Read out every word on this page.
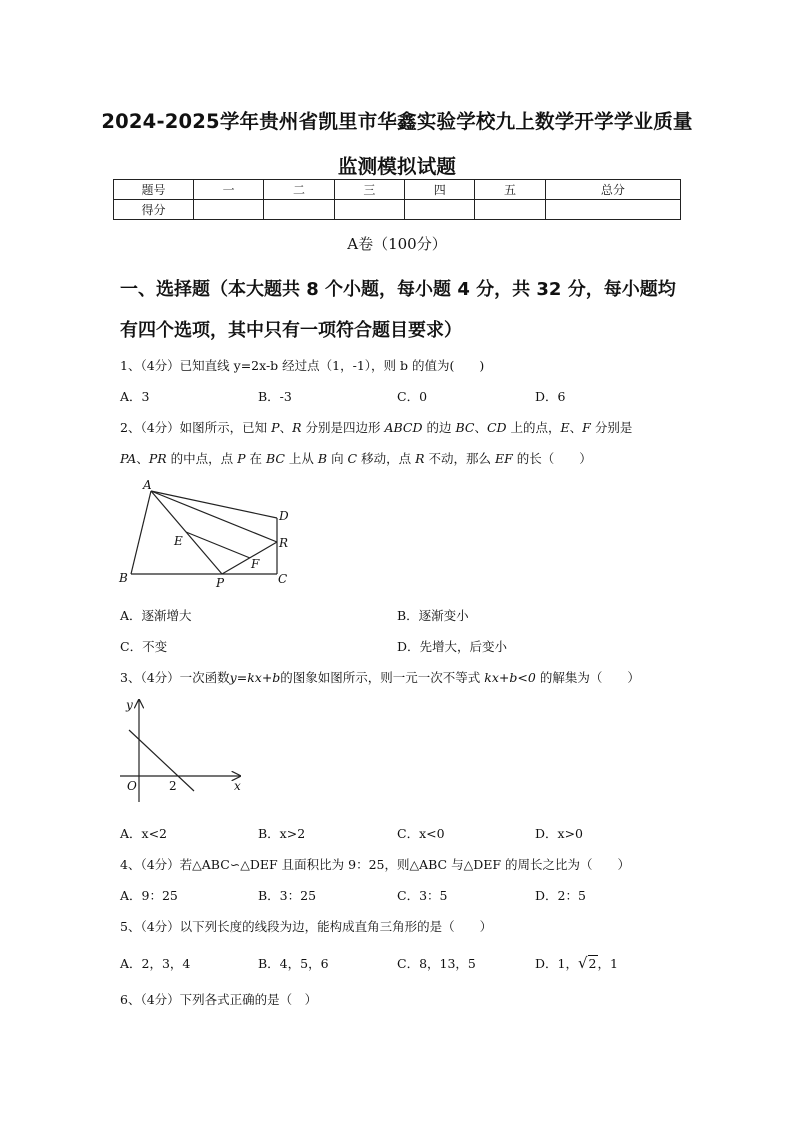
2024-2025学年贵州省凯里市华鑫实验学校九上数学开学学业质量
监测模拟试题
题号	一	二	三	四	五	总分
得分						
A卷（100分）
一、选择题（本大题共 8 个小题，每小题 4 分，共 32 分，每小题均
有四个选项，其中只有一项符合题目要求）
1、（4分）已知直线 y=2x-b 经过点（1，-1），则 b 的值为(　　)
A．3	B．-3	C．0	D．6
2、（4分）如图所示，已知 P、R 分别是四边形 ABCD 的边 BC、CD 上的点，E、F 分别是
PA、PR 的中点，点 P 在 BC 上从 B 向 C 移动，点 R 不动，那么 EF 的长（　　）
A
B	C
D
E
F
P
R
A．逐渐增大	B．逐渐变小
C．不变	D．先增大，后变小
3、（4分）一次函数y=kx+b的图象如图所示，则一元一次不等式 kx+b<0 的解集为（　　）
y
O	2	x
A．x<2	B．x>2	C．x<0	D．x>0
4、（4分）若△ABC∽△DEF 且面积比为 9：25，则△ABC 与△DEF 的周长之比为（　　）
A．9：25	B．3：25	C．3：5	D．2：5
5、（4分）以下列长度的线段为边，能构成直角三角形的是（　　）
A．2，3，4	B．4，5，6	C．8，13，5	D．1，√2，1
6、（4分）下列各式正确的是（　）
